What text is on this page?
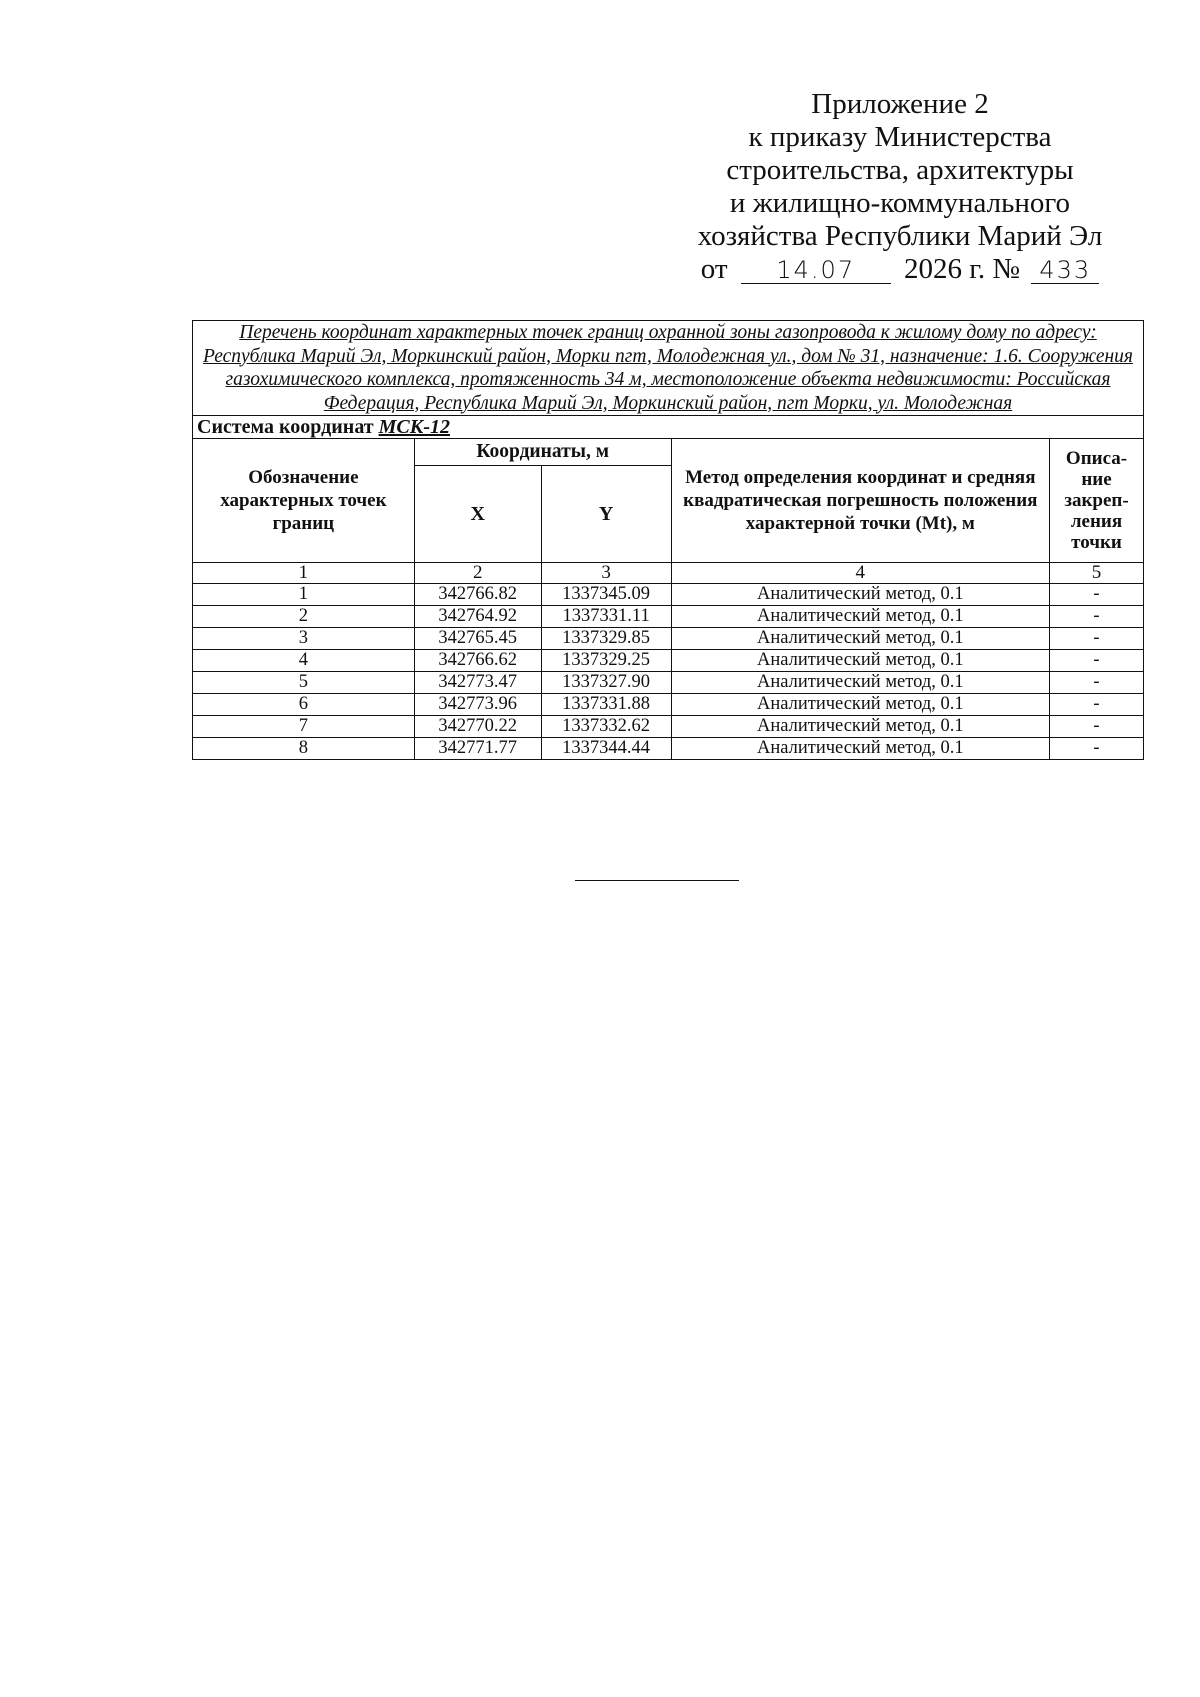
Приложение 2
к приказу Министерства
строительства, архитектуры
и жилищно-коммунального
хозяйства Республики Марий Эл
от 14.07 2026 г. № 433
Перечень координат характерных точек границ охранной зоны газопровода к жилому дому по адресу: Республика Марий Эл, Моркинский район, Морки пгт, Молодежная ул., дом № 31, назначение: 1.6. Сооружения газохимического комплекса, протяженность 34 м, местоположение объекта недвижимости: Российская Федерация, Республика Марий Эл, Моркинский район, пгт Морки, ул. Молодежная				
Система координат МСК-12				
Обозначение характерных точек границ	Координаты, м		Метод определения координат и средняя квадратическая погрешность положения характерной точки (Mt), м	Описа-
ние
закреп-
ления
точки

	X	Y		
1	2	3	4	5
1	342766.82	1337345.09	Аналитический метод, 0.1	-
2	342764.92	1337331.11	Аналитический метод, 0.1	-
3	342765.45	1337329.85	Аналитический метод, 0.1	-
4	342766.62	1337329.25	Аналитический метод, 0.1	-
5	342773.47	1337327.90	Аналитический метод, 0.1	-
6	342773.96	1337331.88	Аналитический метод, 0.1	-
7	342770.22	1337332.62	Аналитический метод, 0.1	-
8	342771.77	1337344.44	Аналитический метод, 0.1	-
